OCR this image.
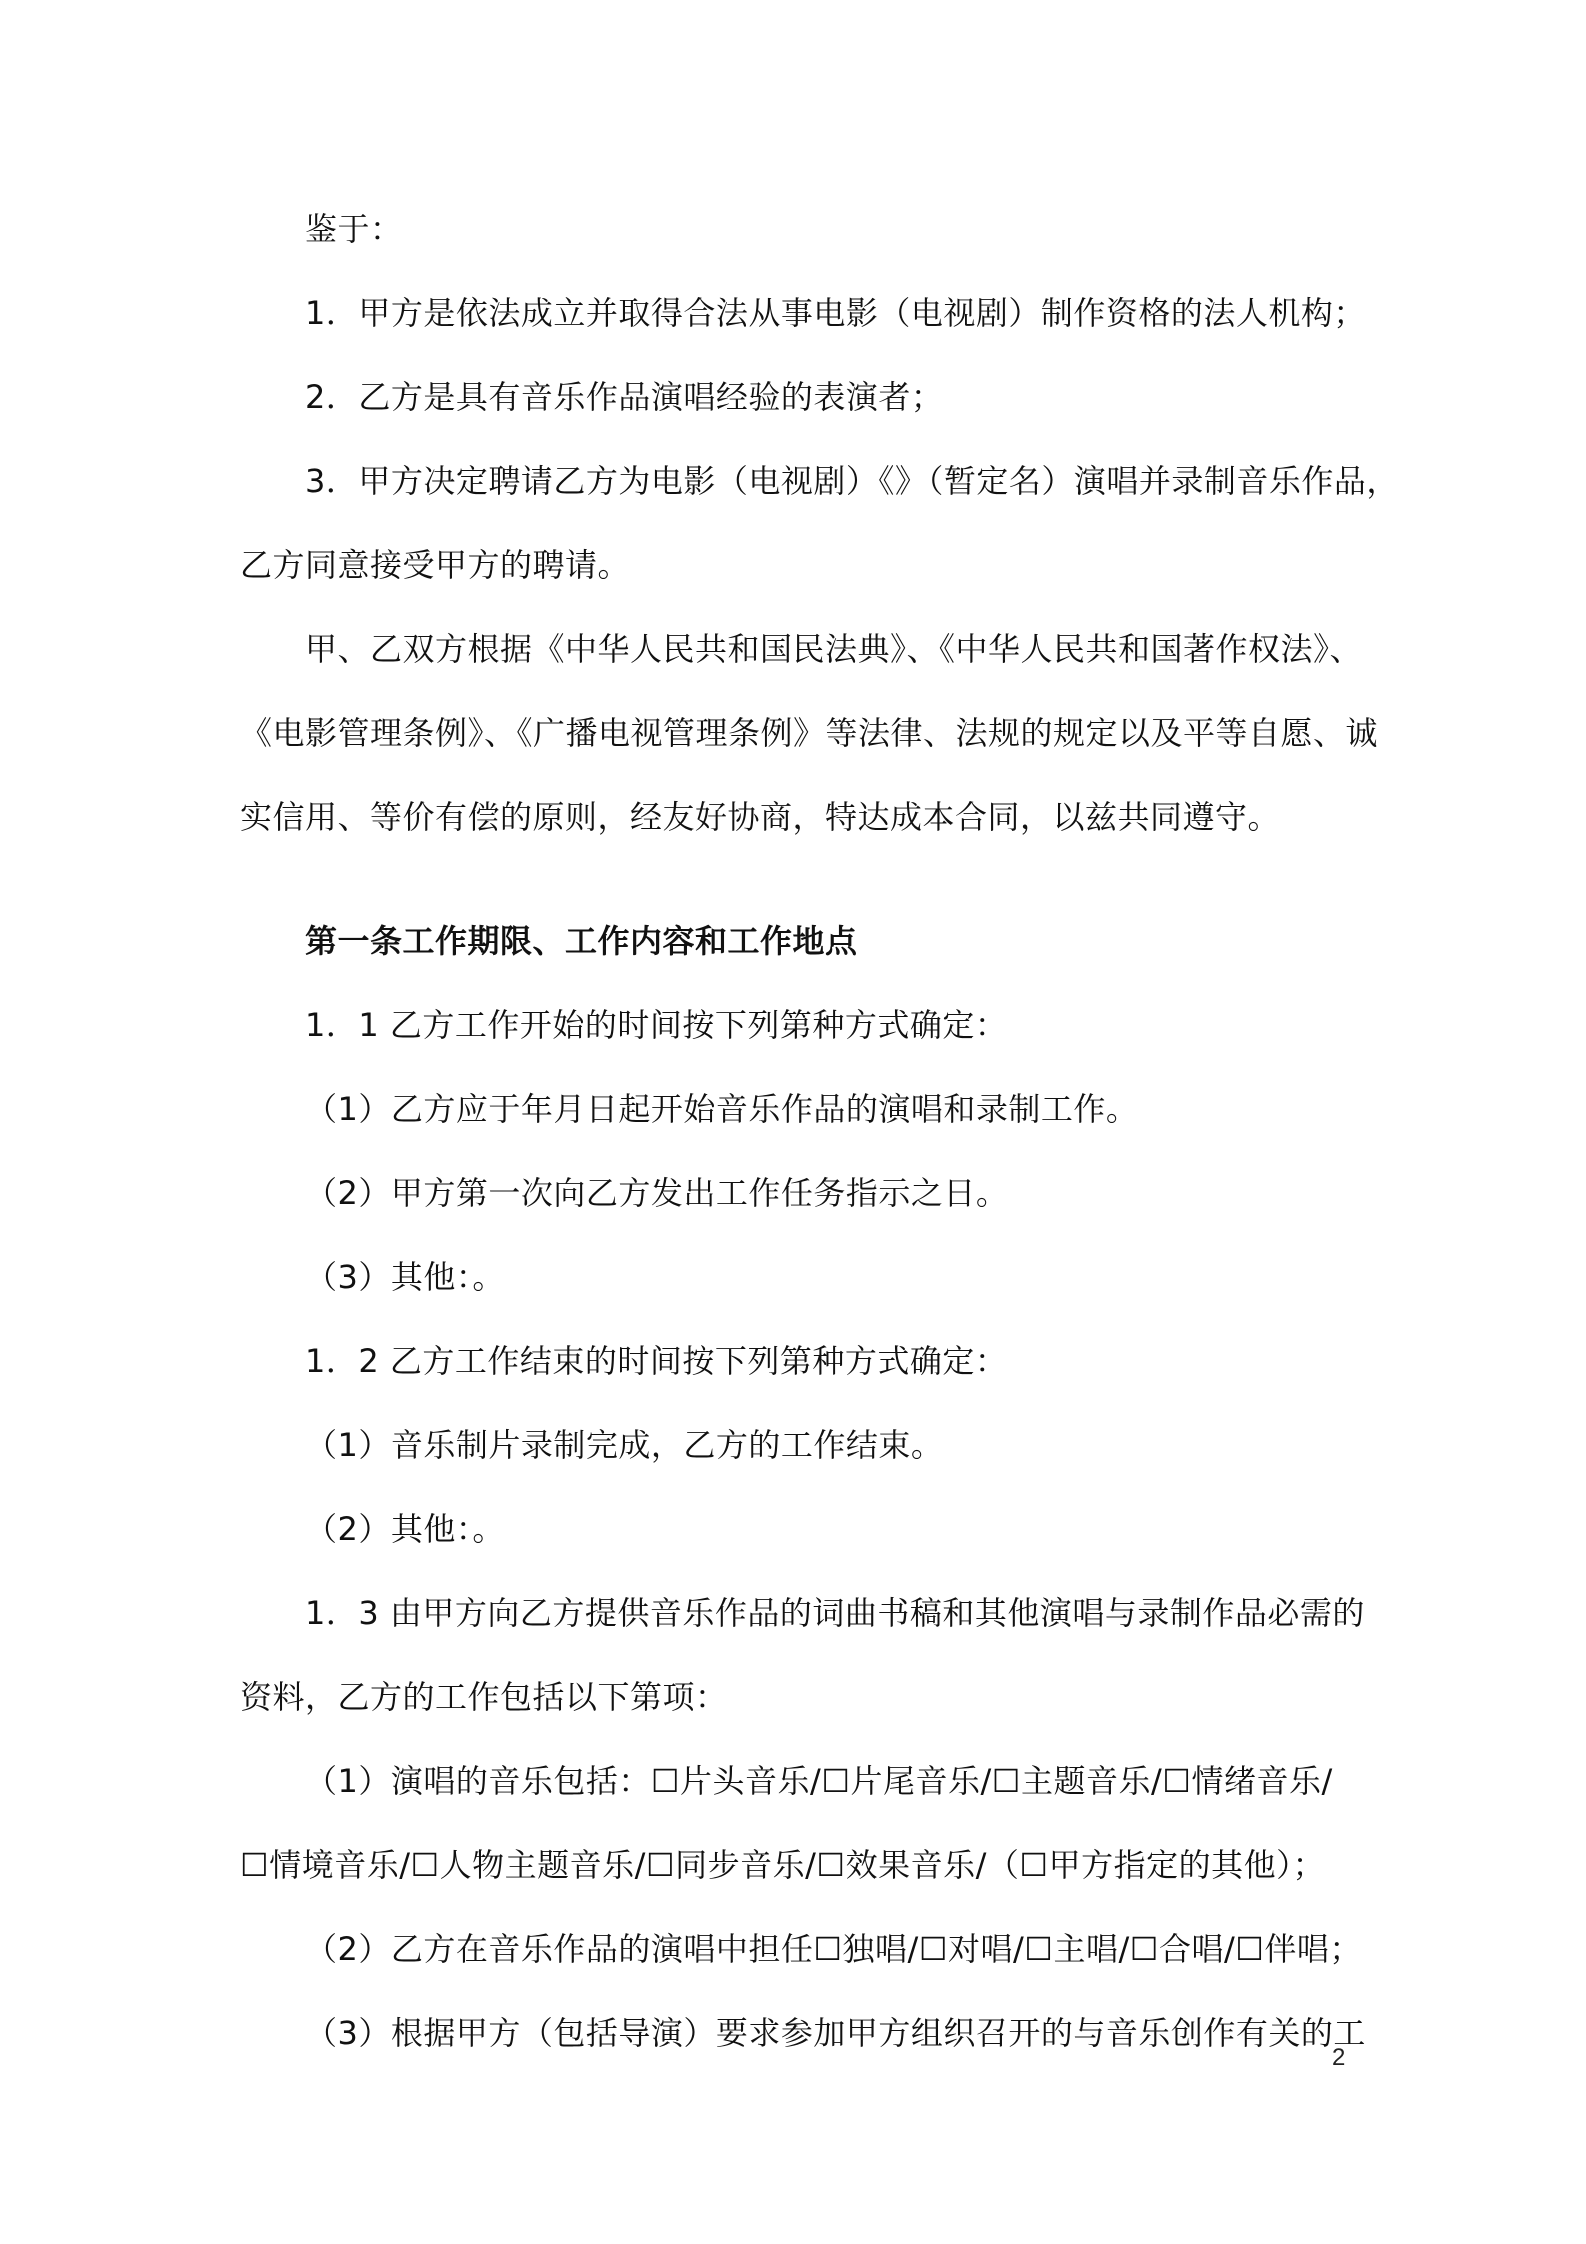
鉴于：
1．甲方是依法成立并取得合法从事电影（电视剧）制作资格的法人机构；
2．乙方是具有音乐作品演唱经验的表演者；
3．甲方决定聘请乙方为电影（电视剧）《》（暂定名）演唱并录制音乐作品，
乙方同意接受甲方的聘请。
甲、乙双方根据《中华人民共和国民法典》、《中华人民共和国著作权法》、
《电影管理条例》、《广播电视管理条例》等法律、法规的规定以及平等自愿、诚
实信用、等价有偿的原则，经友好协商，特达成本合同，以兹共同遵守。
第一条工作期限、工作内容和工作地点
1．1 乙方工作开始的时间按下列第种方式确定：
（1）乙方应于年月日起开始音乐作品的演唱和录制工作。
（2）甲方第一次向乙方发出工作任务指示之日。
（3）其他：。
1．2 乙方工作结束的时间按下列第种方式确定：
（1）音乐制片录制完成，乙方的工作结束。
（2）其他：。
1．3 由甲方向乙方提供音乐作品的词曲书稿和其他演唱与录制作品必需的
资料，乙方的工作包括以下第项：
（1）演唱的音乐包括：☐片头音乐/☐片尾音乐/☐主题音乐/☐情绪音乐/
☐情境音乐/☐人物主题音乐/☐同步音乐/☐效果音乐/（☐甲方指定的其他）；
（2）乙方在音乐作品的演唱中担任☐独唱/☐对唱/☐主唱/☐合唱/☐伴唱；
（3）根据甲方（包括导演）要求参加甲方组织召开的与音乐创作有关的工
2
